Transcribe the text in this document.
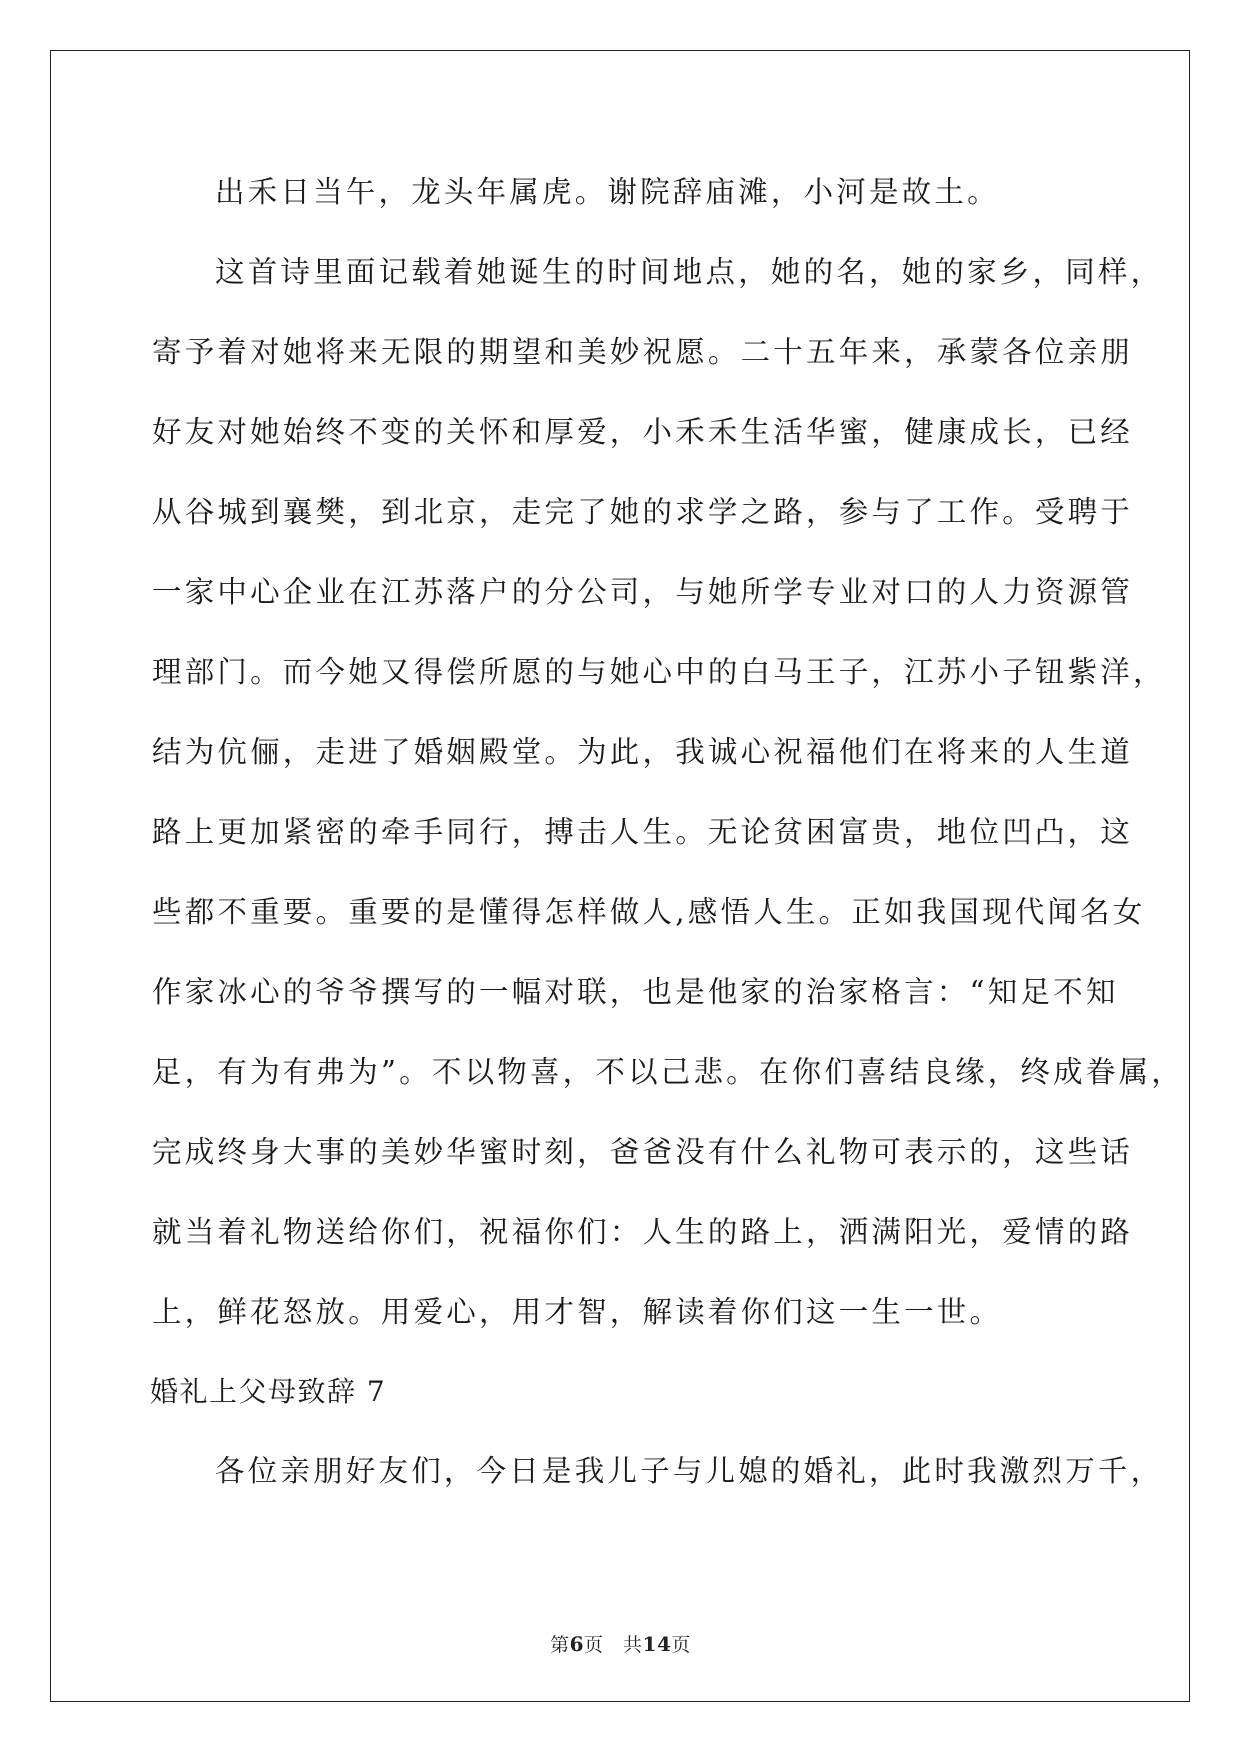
出禾日当午，龙头年属虎。谢院辞庙滩，小河是故土。

这首诗里面记载着她诞生的时间地点，她的名，她的家乡，同样，

寄予着对她将来无限的期望和美妙祝愿。二十五年来，承蒙各位亲朋

好友对她始终不变的关怀和厚爱，小禾禾生活华蜜，健康成长，已经

从谷城到襄樊，到北京，走完了她的求学之路，参与了工作。受聘于

一家中心企业在江苏落户的分公司，与她所学专业对口的人力资源管

理部门。而今她又得偿所愿的与她心中的白马王子，江苏小子钮紫洋，

结为伉俪，走进了婚姻殿堂。为此，我诚心祝福他们在将来的人生道

路上更加紧密的牵手同行，搏击人生。无论贫困富贵，地位凹凸，这

些都不重要。重要的是懂得怎样做人,感悟人生。正如我国现代闻名女

作家冰心的爷爷撰写的一幅对联，也是他家的治家格言：“知足不知

足，有为有弗为”。不以物喜，不以己悲。在你们喜结良缘，终成眷属，

完成终身大事的美妙华蜜时刻，爸爸没有什么礼物可表示的，这些话

就当着礼物送给你们，祝福你们：人生的路上，洒满阳光，爱情的路

上，鲜花怒放。用爱心，用才智，解读着你们这一生一世。

婚礼上父母致辞 7

各位亲朋好友们，今日是我儿子与儿媳的婚礼，此时我激烈万千，

第6页　共14页
